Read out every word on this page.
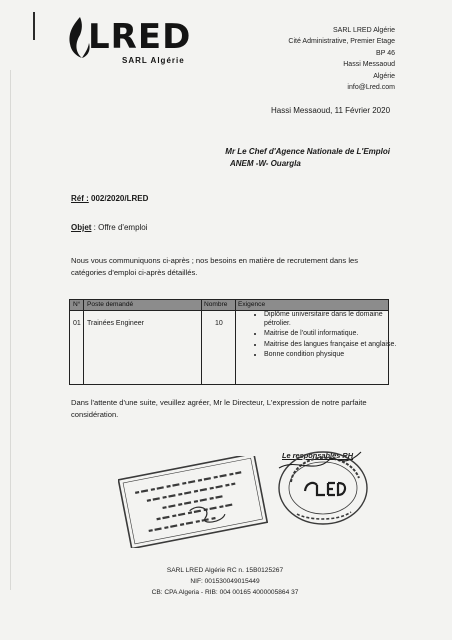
LRED
SARL Algérie
SARL LRED Algérie
Cité Administrative, Premier Etage
BP 46
Hassi Messaoud
Algérie
info@Lred.com
Hassi Messaoud, 11 Février 2020
Mr Le Chef d'Agence Nationale de L'Emploi
ANEM -W- Ouargla
Réf : 002/2020/LRED
Objet : Offre d'emploi
Nous vous communiquons ci-après ; nos besoins en matière de recrutement dans les catégories d'emploi ci-après détaillés.
N° Poste demandé	Nombre Exigence
01 Trainées Engineer	10
• Diplôme universitaire dans le domaine pétrolier.
• Maitrise de l'outil informatique.
• Maitrise des langues française et anglaise.
• Bonne condition physique
Dans l'attente d'une suite, veuillez agréer, Mr le Directeur, L'expression de notre parfaite considération.
Le responsables RH
SARL LRED Algérie RC n. 15B0125267
NIF: 001530049015449
CB: CPA Algeria - RIB: 004 00165 4000005864 37
